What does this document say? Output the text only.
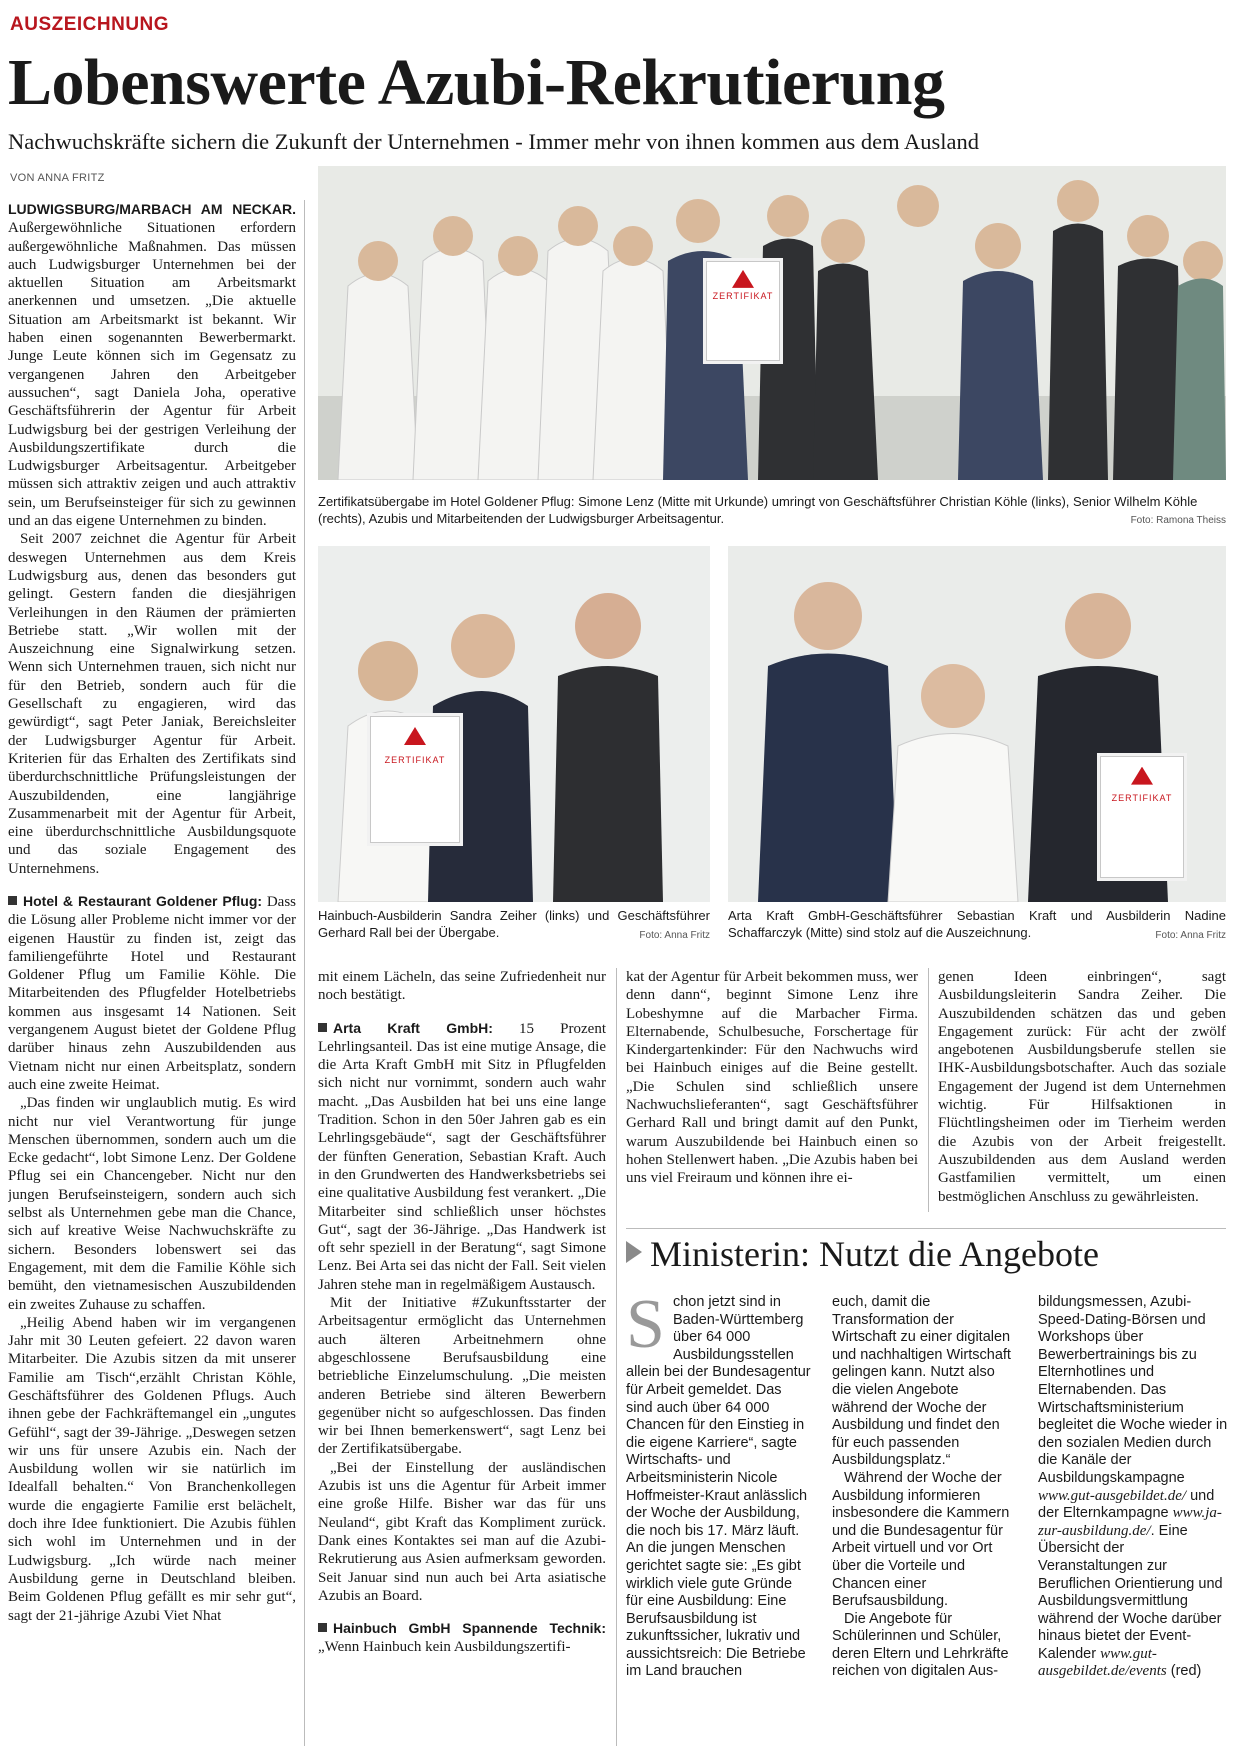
AUSZEICHNUNG
Lobenswerte Azubi-Rekrutierung
Nachwuchskräfte sichern die Zukunft der Unternehmen - Immer mehr von ihnen kommen aus dem Ausland
VON ANNA FRITZ
ZERTIFIKAT
Zertifikatsübergabe im Hotel Goldener Pflug: Simone Lenz (Mitte mit Urkunde) umringt von Geschäftsführer Christian Köhle (links), Senior Wilhelm Köhle (rechts), Azubis und Mitarbeitenden der Ludwigsburger Arbeitsagentur.	Foto: Ramona Theiss
ZERTIFIKAT
Hainbuch-Ausbilderin Sandra Zeiher (links) und Geschäftsführer Gerhard Rall bei der Übergabe.	Foto: Anna Fritz
ZERTIFIKAT
Arta Kraft GmbH-Geschäftsführer Sebastian Kraft und Ausbilderin Nadine Schaffarczyk (Mitte) sind stolz auf die Auszeichnung.	Foto: Anna Fritz

LUDWIGSBURG/MARBACH AM NECKAR. Außergewöhnliche Situationen erfordern außergewöhnliche Maßnahmen. Das müssen auch Ludwigsburger Unternehmen bei der aktuellen Situation am Arbeitsmarkt anerkennen und umsetzen. „Die aktuelle Situation am Arbeitsmarkt ist bekannt. Wir haben einen sogenannten Bewerbermarkt. Junge Leute können sich im Gegensatz zu vergangenen Jahren den Arbeitgeber aussuchen“, sagt Daniela Joha, operative Geschäftsführerin der Agentur für Arbeit Ludwigsburg bei der gestrigen Verleihung der Ausbildungszertifikate durch die Ludwigsburger Arbeitsagentur. Arbeitgeber müssen sich attraktiv zeigen und auch attraktiv sein, um Berufseinsteiger für sich zu gewinnen und an das eigene Unternehmen zu binden.

Seit 2007 zeichnet die Agentur für Arbeit deswegen Unternehmen aus dem Kreis Ludwigsburg aus, denen das besonders gut gelingt. Gestern fanden die diesjährigen Verleihungen in den Räumen der prämierten Betriebe statt. „Wir wollen mit der Auszeichnung eine Signalwirkung setzen. Wenn sich Unternehmen trauen, sich nicht nur für den Betrieb, sondern auch für die Gesellschaft zu engagieren, wird das gewürdigt“, sagt Peter Janiak, Bereichsleiter der Ludwigsburger Agentur für Arbeit. Kriterien für das Erhalten des Zertifikats sind überdurchschnittliche Prüfungsleistungen der Auszubildenden, eine langjährige Zusammenarbeit mit der Agentur für Arbeit, eine überdurchschnittliche Ausbildungsquote und das soziale Engagement des Unternehmens.

Hotel & Restaurant Goldener Pflug: Dass die Lösung aller Probleme nicht immer vor der eigenen Haustür zu finden ist, zeigt das familiengeführte Hotel und Restaurant Goldener Pflug um Familie Köhle. Die Mitarbeitenden des Pflugfelder Hotelbetriebs kommen aus insgesamt 14 Nationen. Seit vergangenem August bietet der Goldene Pflug darüber hinaus zehn Auszubildenden aus Vietnam nicht nur einen Arbeitsplatz, sondern auch eine zweite Heimat.

„Das finden wir unglaublich mutig. Es wird nicht nur viel Verantwortung für junge Menschen übernommen, sondern auch um die Ecke gedacht“, lobt Simone Lenz. Der Goldene Pflug sei ein Chancengeber. Nicht nur den jungen Berufseinsteigern, sondern auch sich selbst als Unternehmen gebe man die Chance, sich auf kreative Weise Nachwuchskräfte zu sichern. Besonders lobenswert sei das Engagement, mit dem die Familie Köhle sich bemüht, den vietnamesischen Auszubildenden ein zweites Zuhause zu schaffen.

„Heilig Abend haben wir im vergangenen Jahr mit 30 Leuten gefeiert. 22 davon waren Mitarbeiter. Die Azubis sitzen da mit unserer Familie am Tisch“,erzählt Christan Köhle, Geschäftsführer des Goldenen Pflugs. Auch ihnen gebe der Fachkräftemangel ein „ungutes Gefühl“, sagt der 39-Jährige. „Deswegen setzen wir uns für unsere Azubis ein. Nach der Ausbildung wollen wir sie natürlich im Idealfall behalten.“ Von Branchenkollegen wurde die engagierte Familie erst belächelt, doch ihre Idee funktioniert. Die Azubis fühlen sich wohl im Unternehmen und in der Ludwigsburg. „Ich würde nach meiner Ausbildung gerne in Deutschland bleiben. Beim Goldenen Pflug gefällt es mir sehr gut“, sagt der 21-jährige Azubi Viet Nhat

mit einem Lächeln, das seine Zufriedenheit nur noch bestätigt.

Arta Kraft GmbH: 15 Prozent Lehrlingsanteil. Das ist eine mutige Ansage, die die Arta Kraft GmbH mit Sitz in Pflugfelden sich nicht nur vornimmt, sondern auch wahr macht. „Das Ausbilden hat bei uns eine lange Tradition. Schon in den 50er Jahren gab es ein Lehrlingsgebäude“, sagt der Geschäftsführer der fünften Generation, Sebastian Kraft. Auch in den Grundwerten des Handwerksbetriebs sei eine qualitative Ausbildung fest verankert. „Die Mitarbeiter sind schließlich unser höchstes Gut“, sagt der 36-Jährige. „Das Handwerk ist oft sehr speziell in der Beratung“, sagt Simone Lenz. Bei Arta sei das nicht der Fall. Seit vielen Jahren stehe man in regelmäßigem Austausch.

Mit der Initiative #Zukunftsstarter der Arbeitsagentur ermöglicht das Unternehmen auch älteren Arbeitnehmern ohne abgeschlossene Berufsausbildung eine betriebliche Einzelumschulung. „Die meisten anderen Betriebe sind älteren Bewerbern gegenüber nicht so aufgeschlossen. Das finden wir bei Ihnen bemerkenswert“, sagt Lenz bei der Zertifikatsübergabe.

„Bei der Einstellung der ausländischen Azubis ist uns die Agentur für Arbeit immer eine große Hilfe. Bisher war das für uns Neuland“, gibt Kraft das Kompliment zurück. Dank eines Kontaktes sei man auf die Azubi-Rekrutierung aus Asien aufmerksam geworden. Seit Januar sind nun auch bei Arta asiatische Azubis an Board.

Hainbuch GmbH Spannende Technik: „Wenn Hainbuch kein Ausbildungszertifi-

kat der Agentur für Arbeit bekommen muss, wer denn dann“, beginnt Simone Lenz ihre Lobeshymne auf die Marbacher Firma. Elternabende, Schulbesuche, Forschertage für Kindergartenkinder: Für den Nachwuchs wird bei Hainbuch einiges auf die Beine gestellt. „Die Schulen sind schließlich unsere Nachwuchslieferanten“, sagt Geschäftsführer Gerhard Rall und bringt damit auf den Punkt, warum Auszubildende bei Hainbuch einen so hohen Stellenwert haben. „Die Azubis haben bei uns viel Freiraum und können ihre ei-

genen Ideen einbringen“, sagt Ausbildungsleiterin Sandra Zeiher. Die Auszubildenden schätzen das und geben Engagement zurück: Für acht der zwölf angebotenen Ausbildungsberufe stellen sie IHK-Ausbildungsbotschafter. Auch das soziale Engagement der Jugend ist dem Unternehmen wichtig. Für Hilfsaktionen in Flüchtlingsheimen oder im Tierheim werden die Azubis von der Arbeit freigestellt. Auszubildenden aus dem Ausland werden Gastfamilien vermittelt, um einen bestmöglichen Anschluss zu gewährleisten.

Ministerin: Nutzt die Angebote

Schon jetzt sind in Baden-Württemberg über 64 000 Ausbildungsstellen allein bei der Bundesagentur für Arbeit gemeldet. Das sind auch über 64 000 Chancen für den Einstieg in die eigene Karriere“, sagte Wirtschafts- und Arbeitsministerin Nicole Hoffmeister-Kraut anlässlich der Woche der Ausbildung, die noch bis 17. März läuft. An die jungen Menschen gerichtet sagte sie: „Es gibt wirklich viele gute Gründe für eine Ausbildung: Eine Berufsausbildung ist zukunftssicher, lukrativ und aussichtsreich: Die Betriebe im Land brauchen

euch, damit die Transformation der Wirtschaft zu einer digitalen und nachhaltigen Wirtschaft gelingen kann. Nutzt also die vielen Angebote während der Woche der Ausbildung und findet den für euch passenden Ausbildungsplatz.“

Während der Woche der Ausbildung informieren insbesondere die Kammern und die Bundesagentur für Arbeit virtuell und vor Ort über die Vorteile und Chancen einer Berufsausbildung.

Die Angebote für Schülerinnen und Schüler, deren Eltern und Lehrkräfte reichen von digitalen Aus-

bildungsmessen, Azubi-Speed-Dating-Börsen und Workshops über Bewerbertrainings bis zu Elternhotlines und Elternabenden. Das Wirtschaftsministerium begleitet die Woche wieder in den sozialen Medien durch die Kanäle der Ausbildungskampagne www.gut-ausgebildet.de/ und der Elternkampagne www.ja-zur-ausbildung.de/. Eine Übersicht der Veranstaltungen zur Beruflichen Orientierung und Ausbildungsvermittlung während der Woche darüber hinaus bietet der Event-Kalender www.gut-ausgebildet.de/events (red)
